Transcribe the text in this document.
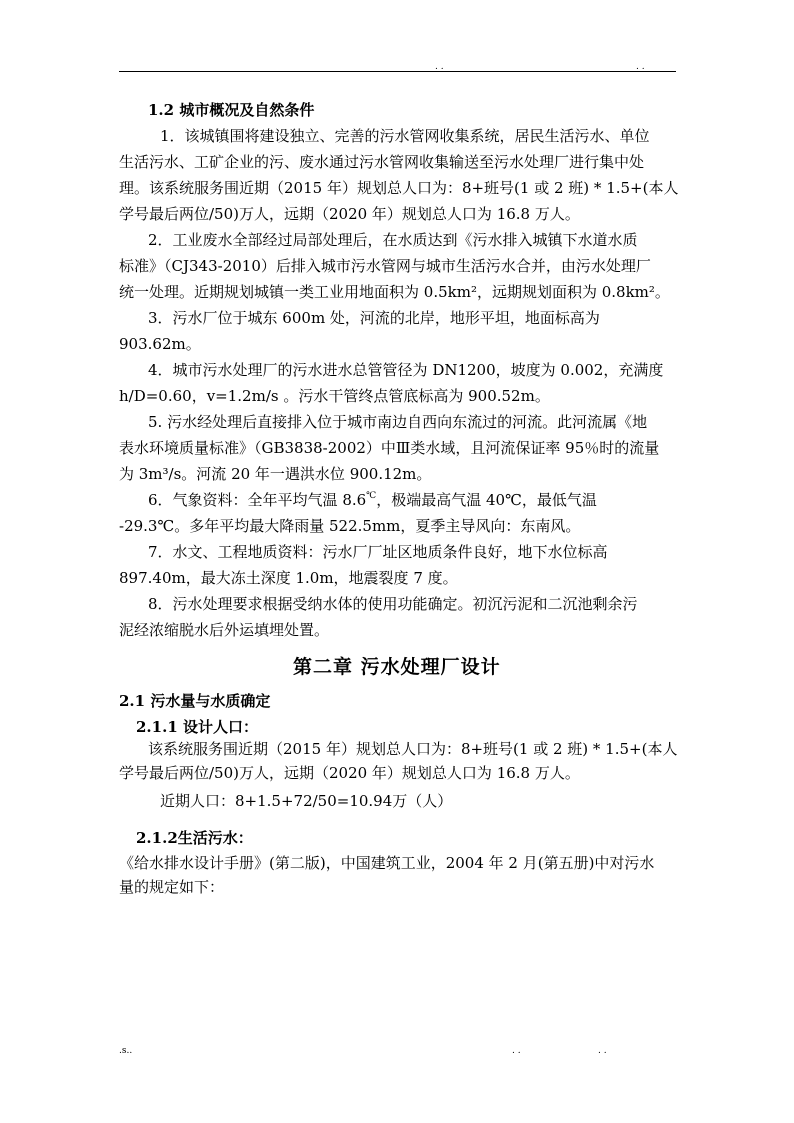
. .	. .
1.2 城市概况及自然条件
1．该城镇围将建设独立、完善的污水管网收集系统，居民生活污水、单位
生活污水、工矿企业的污、废水通过污水管网收集输送至污水处理厂进行集中处
理。该系统服务围近期（2015 年）规划总人口为：8+班号(1 或 2 班) * 1.5+(本人
学号最后两位/50)万人，远期（2020 年）规划总人口为 16.8 万人。
2．工业废水全部经过局部处理后，在水质达到《污水排入城镇下水道水质
标准》（CJ343-2010）后排入城市污水管网与城市生活污水合并，由污水处理厂
统一处理。近期规划城镇一类工业用地面积为 0.5km²，远期规划面积为 0.8km²。
3．污水厂位于城东 600m 处，河流的北岸，地形平坦，地面标高为
903.62m。
4．城市污水处理厂的污水进水总管管径为 DN1200，坡度为 0.002，充满度
h/D=0.60，v=1.2m/s 。污水干管终点管底标高为 900.52m。
5. 污水经处理后直接排入位于城市南边自西向东流过的河流。此河流属《地
表水环境质量标准》（GB3838-2002）中Ⅲ类水域，且河流保证率 95％时的流量
为 3m³/s。河流 20 年一遇洪水位 900.12m。
6．气象资料：全年平均气温 8.6℃，极端最高气温 40℃，最低气温
-29.3℃。多年平均最大降雨量 522.5mm，夏季主导风向：东南风。
7．水文、工程地质资料：污水厂厂址区地质条件良好，地下水位标高
897.40m，最大冻土深度 1.0m，地震裂度 7 度。
8．污水处理要求根据受纳水体的使用功能确定。初沉污泥和二沉池剩余污
泥经浓缩脱水后外运填埋处置。
第二章 污水处理厂设计
2.1 污水量与水质确定
2.1.1 设计人口：
该系统服务围近期（2015 年）规划总人口为：8+班号(1 或 2 班) * 1.5+(本人
学号最后两位/50)万人，远期（2020 年）规划总人口为 16.8 万人。
近期人口：8+1.5+72/50=10.94万（人）
2.1.2生活污水：
《给水排水设计手册》(第二版)，中国建筑工业，2004 年 2 月(第五册)中对污水
量的规定如下：
.s..	. .	. .
